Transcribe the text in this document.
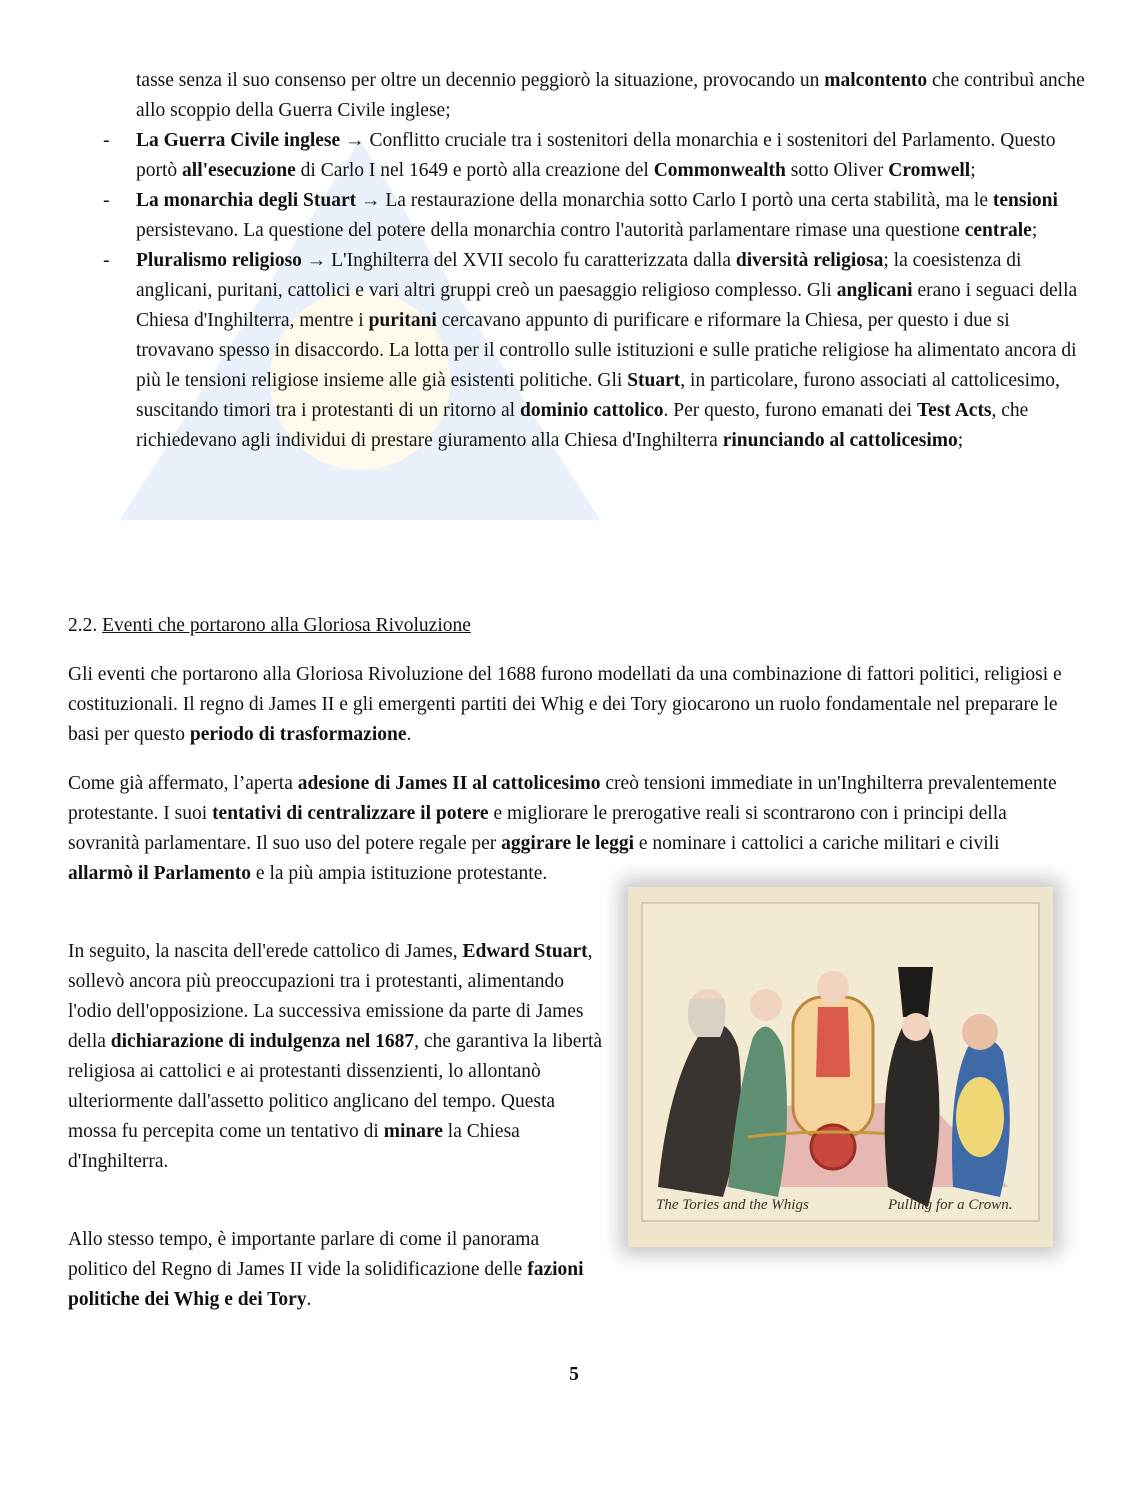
tasse senza il suo consenso per oltre un decennio peggiorò la situazione, provocando un malcontento che contribuì anche allo scoppio della Guerra Civile inglese;
- La Guerra Civile inglese → Conflitto cruciale tra i sostenitori della monarchia e i sostenitori del Parlamento. Questo portò all'esecuzione di Carlo I nel 1649 e portò alla creazione del Commonwealth sotto Oliver Cromwell;
- La monarchia degli Stuart → La restaurazione della monarchia sotto Carlo I portò una certa stabilità, ma le tensioni persistevano. La questione del potere della monarchia contro l'autorità parlamentare rimase una questione centrale;
- Pluralismo religioso → L'Inghilterra del XVII secolo fu caratterizzata dalla diversità religiosa; la coesistenza di anglicani, puritani, cattolici e vari altri gruppi creò un paesaggio religioso complesso. Gli anglicani erano i seguaci della Chiesa d'Inghilterra, mentre i puritani cercavano appunto di purificare e riformare la Chiesa, per questo i due si trovavano spesso in disaccordo. La lotta per il controllo sulle istituzioni e sulle pratiche religiose ha alimentato ancora di più le tensioni religiose insieme alle già esistenti politiche. Gli Stuart, in particolare, furono associati al cattolicesimo, suscitando timori tra i protestanti di un ritorno al dominio cattolico. Per questo, furono emanati dei Test Acts, che richiedevano agli individui di prestare giuramento alla Chiesa d'Inghilterra rinunciando al cattolicesimo;
2.2. Eventi che portarono alla Gloriosa Rivoluzione

Gli eventi che portarono alla Gloriosa Rivoluzione del 1688 furono modellati da una combinazione di fattori politici, religiosi e costituzionali. Il regno di James II e gli emergenti partiti dei Whig e dei Tory giocarono un ruolo fondamentale nel preparare le basi per questo periodo di trasformazione.

Come già affermato, l’aperta adesione di James II al cattolicesimo creò tensioni immediate in un'Inghilterra prevalentemente protestante. I suoi tentativi di centralizzare il potere e migliorare le prerogative reali si scontrarono con i principi della sovranità parlamentare. Il suo uso del potere regale per aggirare le leggi e nominare i cattolici a cariche militari e civili allarmò il Parlamento e la più ampia istituzione protestante.

In seguito, la nascita dell'erede cattolico di James, Edward Stuart, sollevò ancora più preoccupazioni tra i protestanti, alimentando l'odio dell'opposizione. La successiva emissione da parte di James della dichiarazione di indulgenza nel 1687, che garantiva la libertà religiosa ai cattolici e ai protestanti dissenzienti, lo allontanò ulteriormente dall'assetto politico anglicano del tempo. Questa mossa fu percepita come un tentativo di minare la Chiesa d'Inghilterra.

Allo stesso tempo, è importante parlare di come il panorama politico del Regno di James II vide la solidificazione delle fazioni politiche dei Whig e dei Tory.

The Tories and the Whigs	Pulling for a Crown.
5
